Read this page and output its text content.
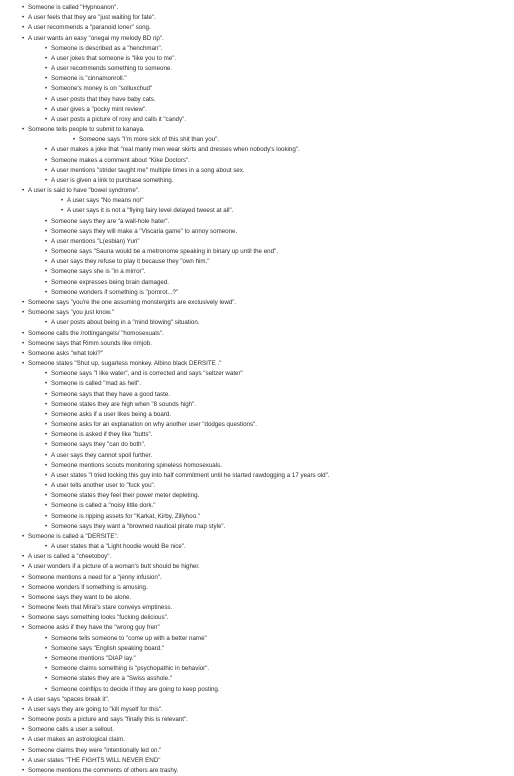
• Someone is called "Hypnoanon".
• A user feels that they are "just waiting for fate".
• A user recommends a "paranoid loner" song.
• A user wants an easy "onegai my melody BD rip".
• Someone is described as a "henchman".
• A user jokes that someone is "like you to me".
• A user recommends something to someone.
• Someone is "cinnamonroll."
• Someone's money is on "solluxchud"
• A user posts that they have baby cats.
• A user gives a "pocky mint review".
• A user posts a picture of roxy and calls it "candy".
• Someone tells people to submit to kanaya.
• Someone says "I'm more sick of this shit than you".
• A user makes a joke that "real manly men wear skirts and dresses when nobody's looking".
• Someone makes a comment about "Kike Doctors".
• A user mentions "strider taught me" multiple times in a song about sex.
• A user is given a link to purchase something.
• A user is said to have "bowel syndrome".
• A user says "No means no!"
• A user says it is not a "flying fairy level delayed tweest at all".
• Someone says they are "a wall-hole hater".
• Someone says they will make a "Viscaria game" to annoy someone.
• A user mentions "L(esbian) Yuri"
• Someone says "Sauna would be a metronome speaking in binary up until the end".
• A user says they refuse to play it because they "own him."
• Someone says she is "in a mirror".
• Someone expresses being brain damaged.
• Someone wonders if something is "pornrot...?"
• Someone says "you're the one assuming monstergirls are exclusively lewd".
• Someone says "you just know."
• A user posts about being in a "mind blowing" situation.
• Someone calls the /rottingangels/ "homosexuals".
• Someone says that Rimm sounds like rimjob.
• Someone asks "what toki?"
• Someone states "Shut up, sugarless monkey. Albino black DERSITE ."
• Someone says "I like water", and is corrected and says "seltzer water"
• Someone is called "mad as hell".
• Someone says that they have a good taste.
• Someone states they are high when "8 sounds high".
• Someone asks if a user likes being a board.
• Someone asks for an explanation on why another user "dodges questions".
• Someone is asked if they like "butts".
• Someone says they "can do both".
• A user says they cannot spoil further.
• Someone mentions scouts monitoring spineless homosexuals.
• A user states "I tried locking this guy into half commitment until he started rawdogging a 17 years old".
• A user tells another user to "fuck you".
• Someone states they feel their power meter depleting.
• Someone is called a "noisy little dork."
• Someone is ripping assets for "Karkat, Kirby, Zillyhoo."
• Someone says they want a "browned nautical pirate map style".
• Someone is called a "DERSITE".
• A user states that a "Light hoodie would Be nice".
• A user is called a "cheetoboy".
• A user wonders if a picture of a woman's butt should be higher.
• Someone mentions a need for a "jenny infusion".
• Someone wonders if something is amusing.
• Someone says they want to be alone.
• Someone feels that Mirai's stare conveys emptiness.
• Someone says something looks "fucking delicious".
• Someone asks if they have the "wrong guy fren"
• Someone tells someone to "come up with a better name"
• Someone says "English speaking board."
• Someone mentions "DIAP lay."
• Someone claims something is "psychopathic in behavior".
• Someone states they are a "Swiss asshole."
• Someone coinflips to decide if they are going to keep posting.
• A user says "spaces break it".
• A user says they are going to "kill myself for this".
• Someone posts a picture and says "finally this is relevant".
• Someone calls a user a sellout.
• A user makes an astrological claim.
• Someone claims they were "intentionally led on."
• A user states "THE FIGHTS WILL NEVER END"
• Someone mentions the comments of others are trashy.
